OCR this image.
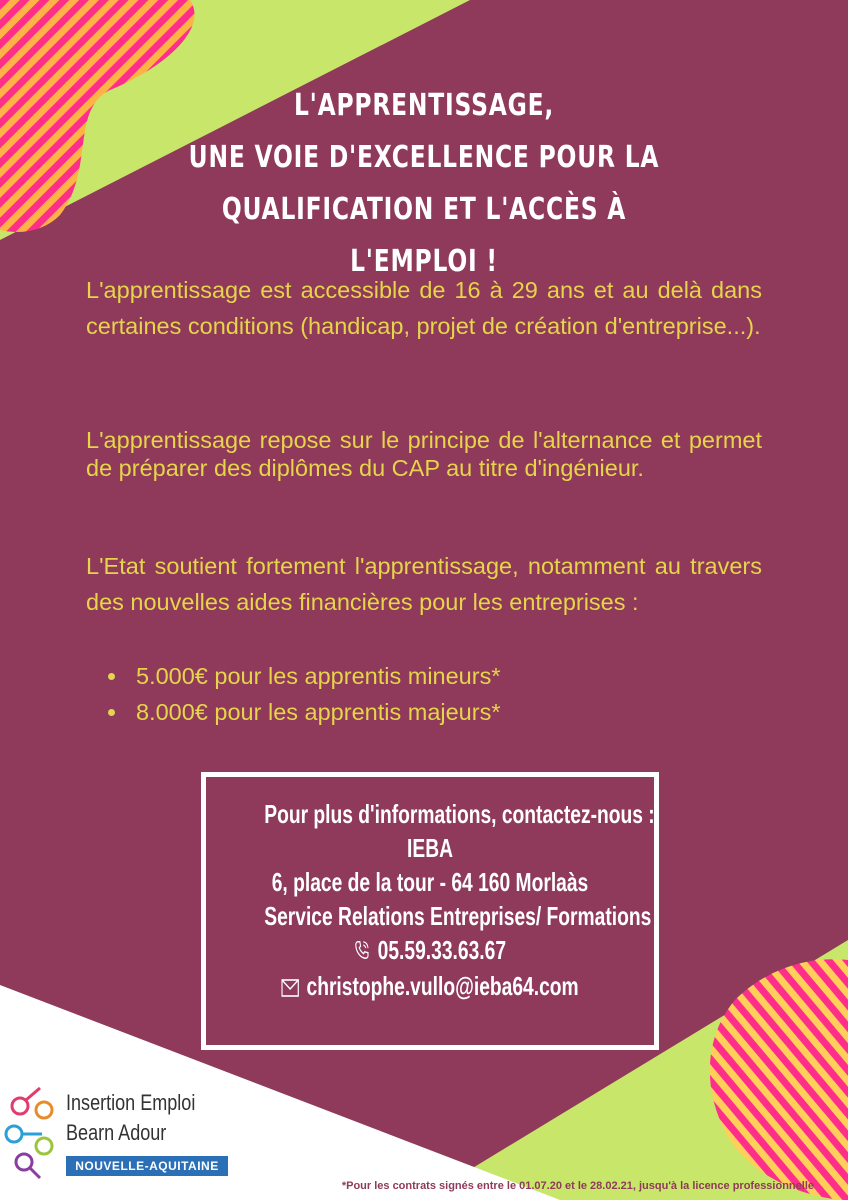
L'APPRENTISSAGE,
UNE VOIE D'EXCELLENCE POUR LA
QUALIFICATION ET L'ACCÈS À L'EMPLOI !

L'apprentissage est accessible de 16 à 29 ans et au delà dans certaines conditions (handicap, projet de création d'entreprise...).

L'apprentissage repose sur le principe de l'alternance et permet de préparer des diplômes du CAP au titre d'ingénieur.

L'Etat soutient fortement l'apprentissage, notamment au travers des nouvelles aides financières pour les entreprises :

5.000€ pour les apprentis mineurs*
8.000€ pour les apprentis majeurs*
Pour plus d'informations, contactez-nous :
IEBA
6, place de la tour - 64 160 Morlaàs
Service Relations Entreprises/ Formations
05.59.33.63.67
christophe.vullo@ieba64.com
Insertion Emploi
Bearn Adour
NOUVELLE-AQUITAINE
*Pour les contrats signés entre le 01.07.20 et le 28.02.21, jusqu'à la licence professionnelle
